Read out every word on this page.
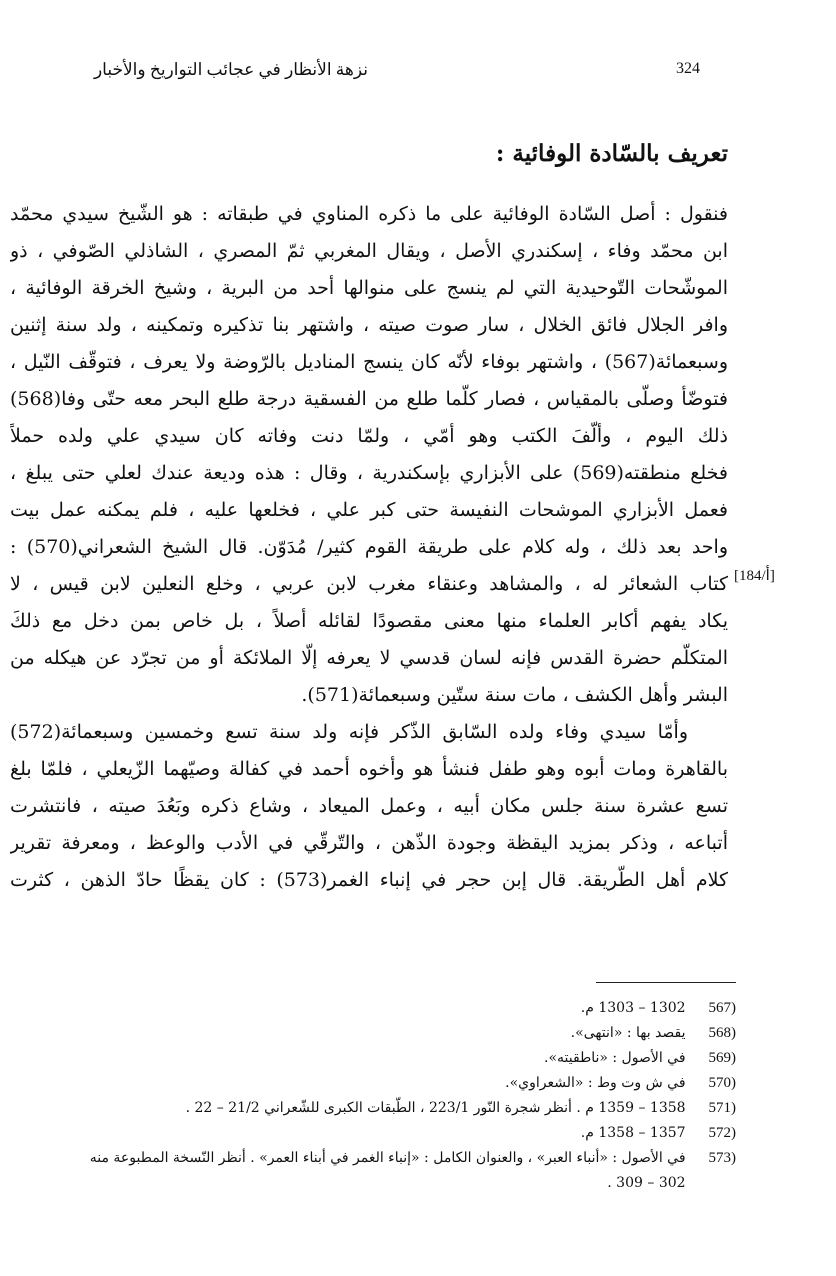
324
نزهة الأنظار في عجائب التواريخ والأخبار
تعريف بالسّادة الوفائية :
[184/أ]
فنقول : أصل السّادة الوفائية على ما ذكره المناوي في طبقاته : هو الشّيخ سيدي محمّد
ابن محمّد وفاء ، إسكندري الأصل ، ويقال المغربي ثمّ المصري ، الشاذلي الصّوفي ، ذو
الموشّحات التّوحيدية التي لم ينسج على منوالها أحد من البرية ، وشيخ الخرقة الوفائية ،
وافر الجلال فائق الخلال ، سار صوت صيته ، واشتهر بنا تذكيره وتمكينه ، ولد سنة إثنين
وسبعمائة(567) ، واشتهر بوفاء لأنّه كان ينسج المناديل بالرّوضة ولا يعرف ، فتوقّف النّيل ،
فتوضّأ وصلّى بالمقياس ، فصار كلّما طلع من الفسقية درجة طلع البحر معه حتّى وفا(568)
ذلك اليوم ، وألّفَ الكتب وهو أمّي ، ولمّا دنت وفاته كان سيدي علي ولده حملاً
فخلع منطقته(569) على الأبزاري بإسكندرية ، وقال : هذه وديعة عندك لعلي حتى يبلغ ،
فعمل الأبزاري الموشحات النفيسة حتى كبر علي ، فخلعها عليه ، فلم يمكنه عمل بيت
واحد بعد ذلك ، وله كلام على طريقة القوم كثير/ مُدَوّن. قال الشيخ الشعراني(570) :
كتاب الشعائر له ، والمشاهد وعنقاء مغرب لابن عربي ، وخلع النعلين لابن قيس ، لا
يكاد يفهم أكابر العلماء منها معنى مقصودًا لقائله أصلاً ، بل خاص بمن دخل مع ذلكَ
المتكلّم حضرة القدس فإنه لسان قدسي لا يعرفه إلّا الملائكة أو من تجرّد عن هيكله من
البشر وأهل الكشف ، مات سنة ستّين وسبعمائة(571).
وأمّا سيدي وفاء ولده السّابق الذّكر فإنه ولد سنة تسع وخمسين وسبعمائة(572)
بالقاهرة ومات أبوه وهو طفل فنشأ هو وأخوه أحمد في كفالة وصيّهما الزّيعلي ، فلمّا بلغ
تسع عشرة سنة جلس مكان أبيه ، وعمل الميعاد ، وشاع ذكره وبَعُدَ صيته ، فانتشرت
أتباعه ، وذكر بمزيد اليقظة وجودة الذّهن ، والتّرقّي في الأدب والوعظ ، ومعرفة تقرير
كلام أهل الطّريقة. قال إبن حجر في إنباء الغمر(573) : كان يقظًا حادّ الذهن ، كثرت
(567 1302 – 1303 م.
(568 يقصد بها : «انتهى».
(569 في الأصول : «ناطقيته».
(570 في ش وت وط : «الشعراوي».
(571 1358 – 1359 م . أنظر شجرة النّور 223/1 ، الطّبقات الكبرى للشّعراني 21/2 – 22 .
(572 1357 – 1358 م.
(573 في الأصول : «أنباء العبر» ، والعنوان الكامل : «إنباء الغمر في أبناء العمر» . أنظر النّسخة المطبوعة منه
302 – 309 .
